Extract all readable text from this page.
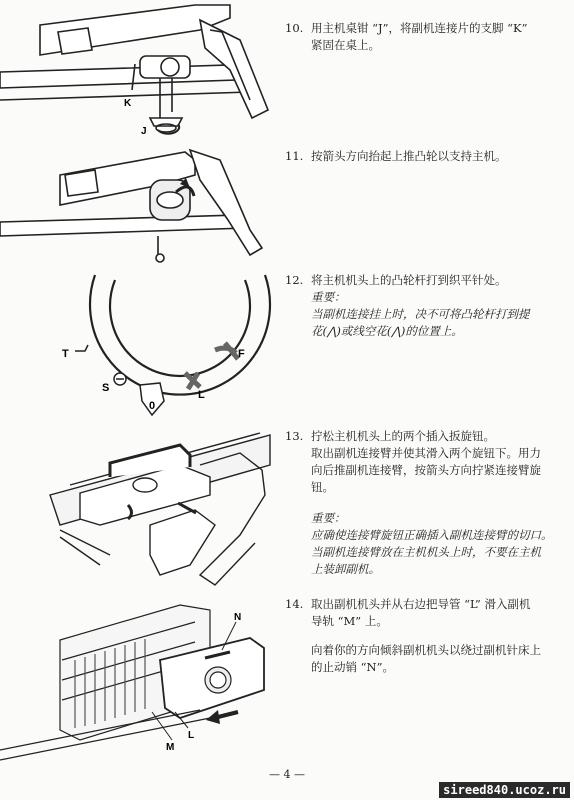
K
J
T
S
L
F
0
N
L
M

10. 用主机桌钳 “J”，将副机连接片的支脚 “K”

紧固在桌上。

11. 按箭头方向抬起上推凸轮以支持主机。

12. 将主机机头上的凸轮杆打到织平针处。

重要：

当副机连接挂上时，决不可将凸轮杆打到提

花(⋀)或线空花(⋀)的位置上。

13. 拧松主机机头上的两个插入扳旋钮。

取出副机连接臂并使其滑入两个旋钮下。用力

向后推副机连接臂，按箭头方向拧紧连接臂旋

钮。

重要：

应确使连接臂旋钮正确插入副机连接臂的切口。

当副机连接臂放在主机机头上时，不要在主机

上装卸副机。

14. 取出副机机头并从右边把导管 “L” 滑入副机

导轨 “M” 上。

向着你的方向倾斜副机机头以绕过副机针床上

的止动销 “N”。

— 4 —
sireed840.ucoz.ru
